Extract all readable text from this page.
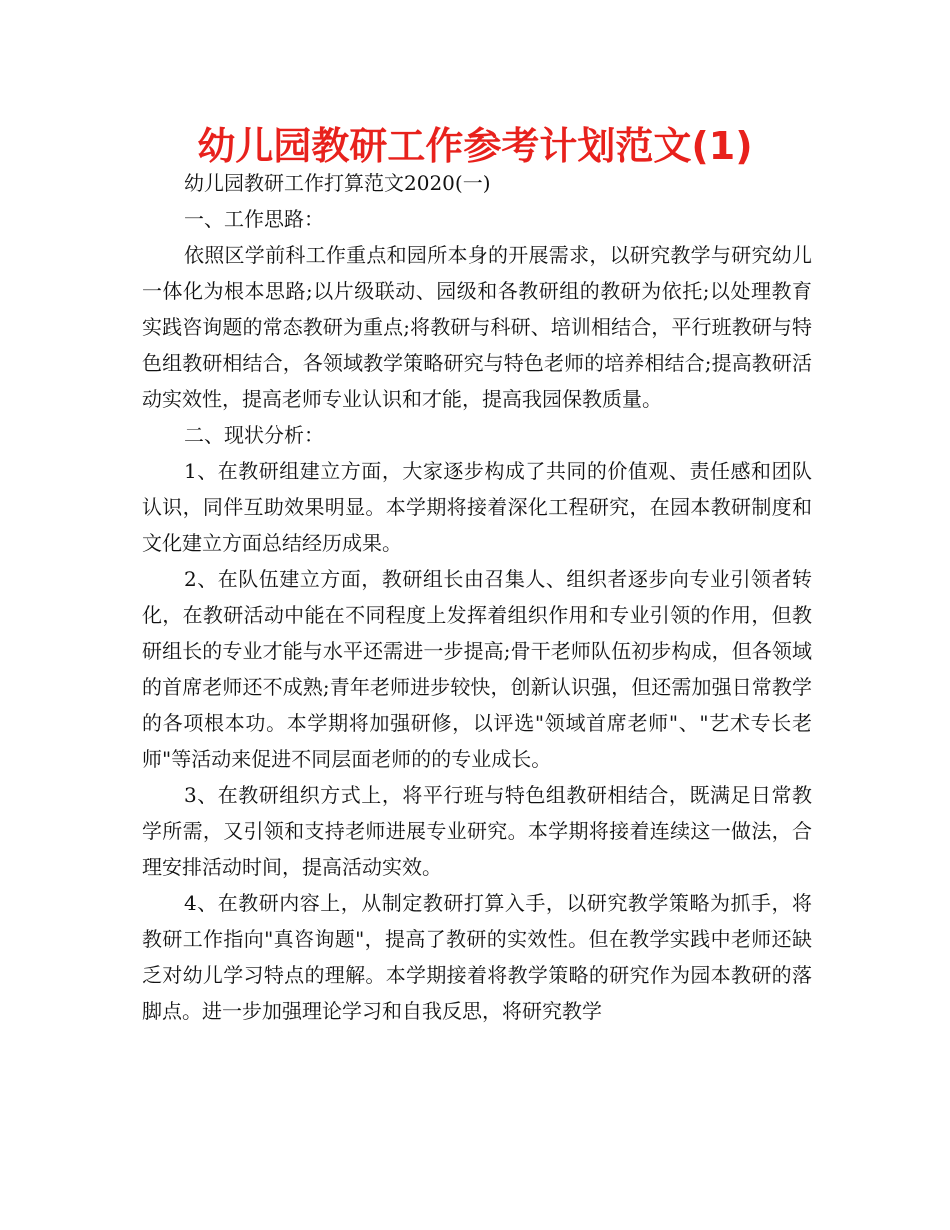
幼儿园教研工作参考计划范文(1)

幼儿园教研工作打算范文2020(一)

一、工作思路：

依照区学前科工作重点和园所本身的开展需求，以研究教学与研究幼儿一体化为根本思路;以片级联动、园级和各教研组的教研为依托;以处理教育实践咨询题的常态教研为重点;将教研与科研、培训相结合，平行班教研与特色组教研相结合，各领域教学策略研究与特色老师的培养相结合;提高教研活动实效性，提高老师专业认识和才能，提高我园保教质量。

二、现状分析：

1、在教研组建立方面，大家逐步构成了共同的价值观、责任感和团队认识，同伴互助效果明显。本学期将接着深化工程研究，在园本教研制度和文化建立方面总结经历成果。

2、在队伍建立方面，教研组长由召集人、组织者逐步向专业引领者转化，在教研活动中能在不同程度上发挥着组织作用和专业引领的作用，但教研组长的专业才能与水平还需进一步提高;骨干老师队伍初步构成，但各领域的首席老师还不成熟;青年老师进步较快，创新认识强，但还需加强日常教学的各项根本功。本学期将加强研修，以评选"领域首席老师"、"艺术专长老师"等活动来促进不同层面老师的的专业成长。

3、在教研组织方式上，将平行班与特色组教研相结合，既满足日常教学所需，又引领和支持老师进展专业研究。本学期将接着连续这一做法，合理安排活动时间，提高活动实效。

4、在教研内容上，从制定教研打算入手，以研究教学策略为抓手，将教研工作指向"真咨询题"，提高了教研的实效性。但在教学实践中老师还缺乏对幼儿学习特点的理解。本学期接着将教学策略的研究作为园本教研的落脚点。进一步加强理论学习和自我反思，将研究教学
